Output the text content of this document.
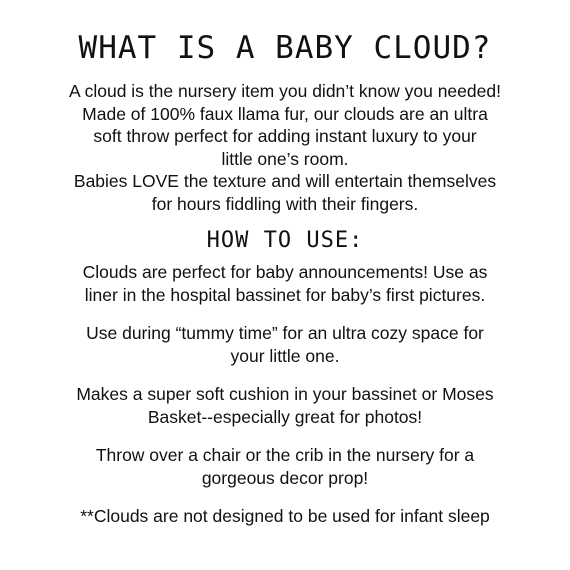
WHAT IS A BABY CLOUD?
A cloud is the nursery item you didn’t know you needed!
Made of 100% faux llama fur, our clouds are an ultra
soft throw perfect for adding instant luxury to your
little one’s room.
Babies LOVE the texture and will entertain themselves
for hours fiddling with their fingers.
HOW TO USE:
Clouds are perfect for baby announcements! Use as
liner in the hospital bassinet for baby’s first pictures.
Use during “tummy time” for an ultra cozy space for
your little one.
Makes a super soft cushion in your bassinet or Moses
Basket--especially great for photos!
Throw over a chair or the crib in the nursery for a
gorgeous decor prop!

**Clouds are not designed to be used for infant sleep
